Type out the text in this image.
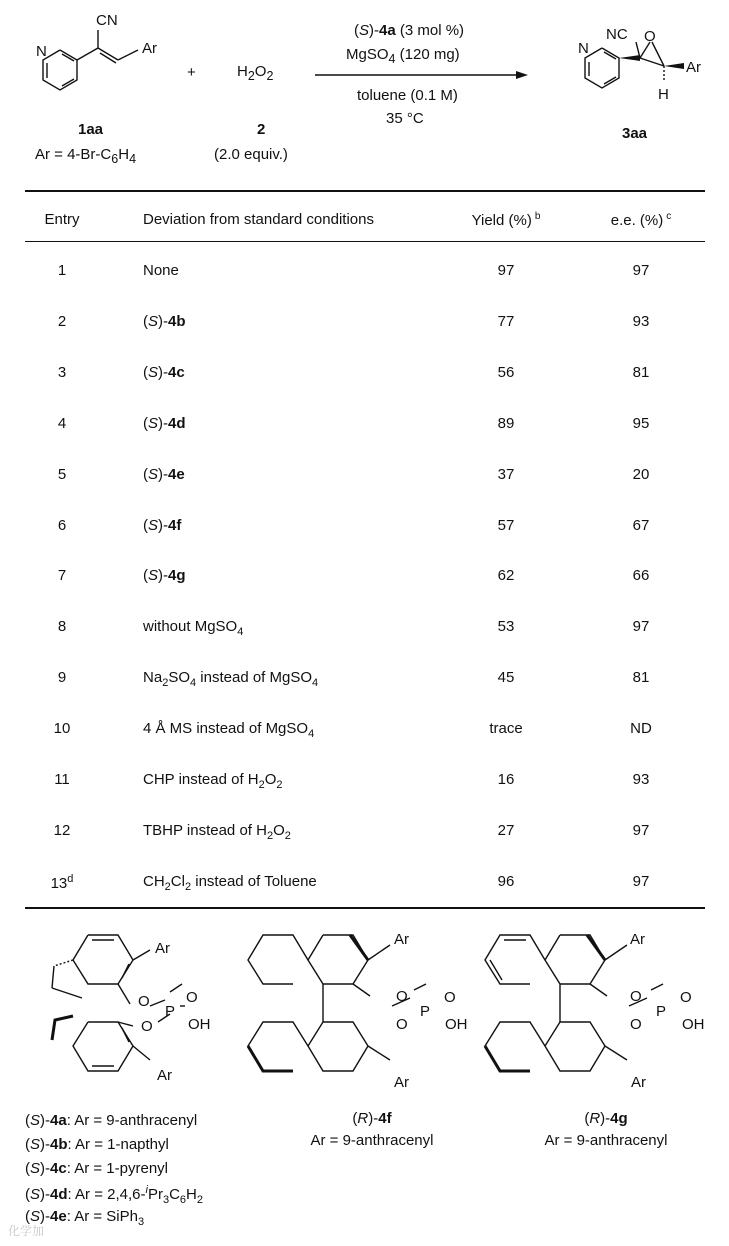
CN
N	Ar
1aa
$Ar = 4-Br-C_6H_4$
+	$H_2O_2$
2
(2.0 equiv.)
(S)-4a (3 mol %)
MgSO$_4$ (120 mg)
toluene (0.1 M)
35 °C
NC O
N
Ar
H
3aa
Entry	Deviation from standard conditions	Yield (%) $^b$	e.e. (%) $^c$
1	None	97	97
2	(S)-4b	77	93
3	(S)-4c	56	81
4	(S)-4d	89	95
5	(S)-4e	37	20
6	(S)-4f	57	67
7	(S)-4g	62	66
8	without MgSO$_4$	53	97
9	$Na_2SO_4$ instead of MgSO$_4$	45	81
10	4 Å MS instead of MgSO$_4$	trace	ND
11	CHP instead of $H_2O_2$	16	93
12	TBHP instead of $H_2O_2$	27	97
13$^d$	$CH_2Cl_2$ instead of Toluene	96	97
Ar
O
P
O
OH
O
Ar
Ar
O
P
O
OH
O
Ar
Ar
O
P
O
OH
O
Ar
(S)-4a: Ar = 9-anthracenyl
(S)-4b: Ar = 1-napthyl
(S)-4c: Ar = 1-pyrenyl
(S)-4d: $Ar = 2,4,6-^iPr_3C_6H_2$
(S)-4e: Ar = SiPh$_3$
(R)-4f
Ar = 9-anthracenyl
(R)-4g
Ar = 9-anthracenyl
化学加
